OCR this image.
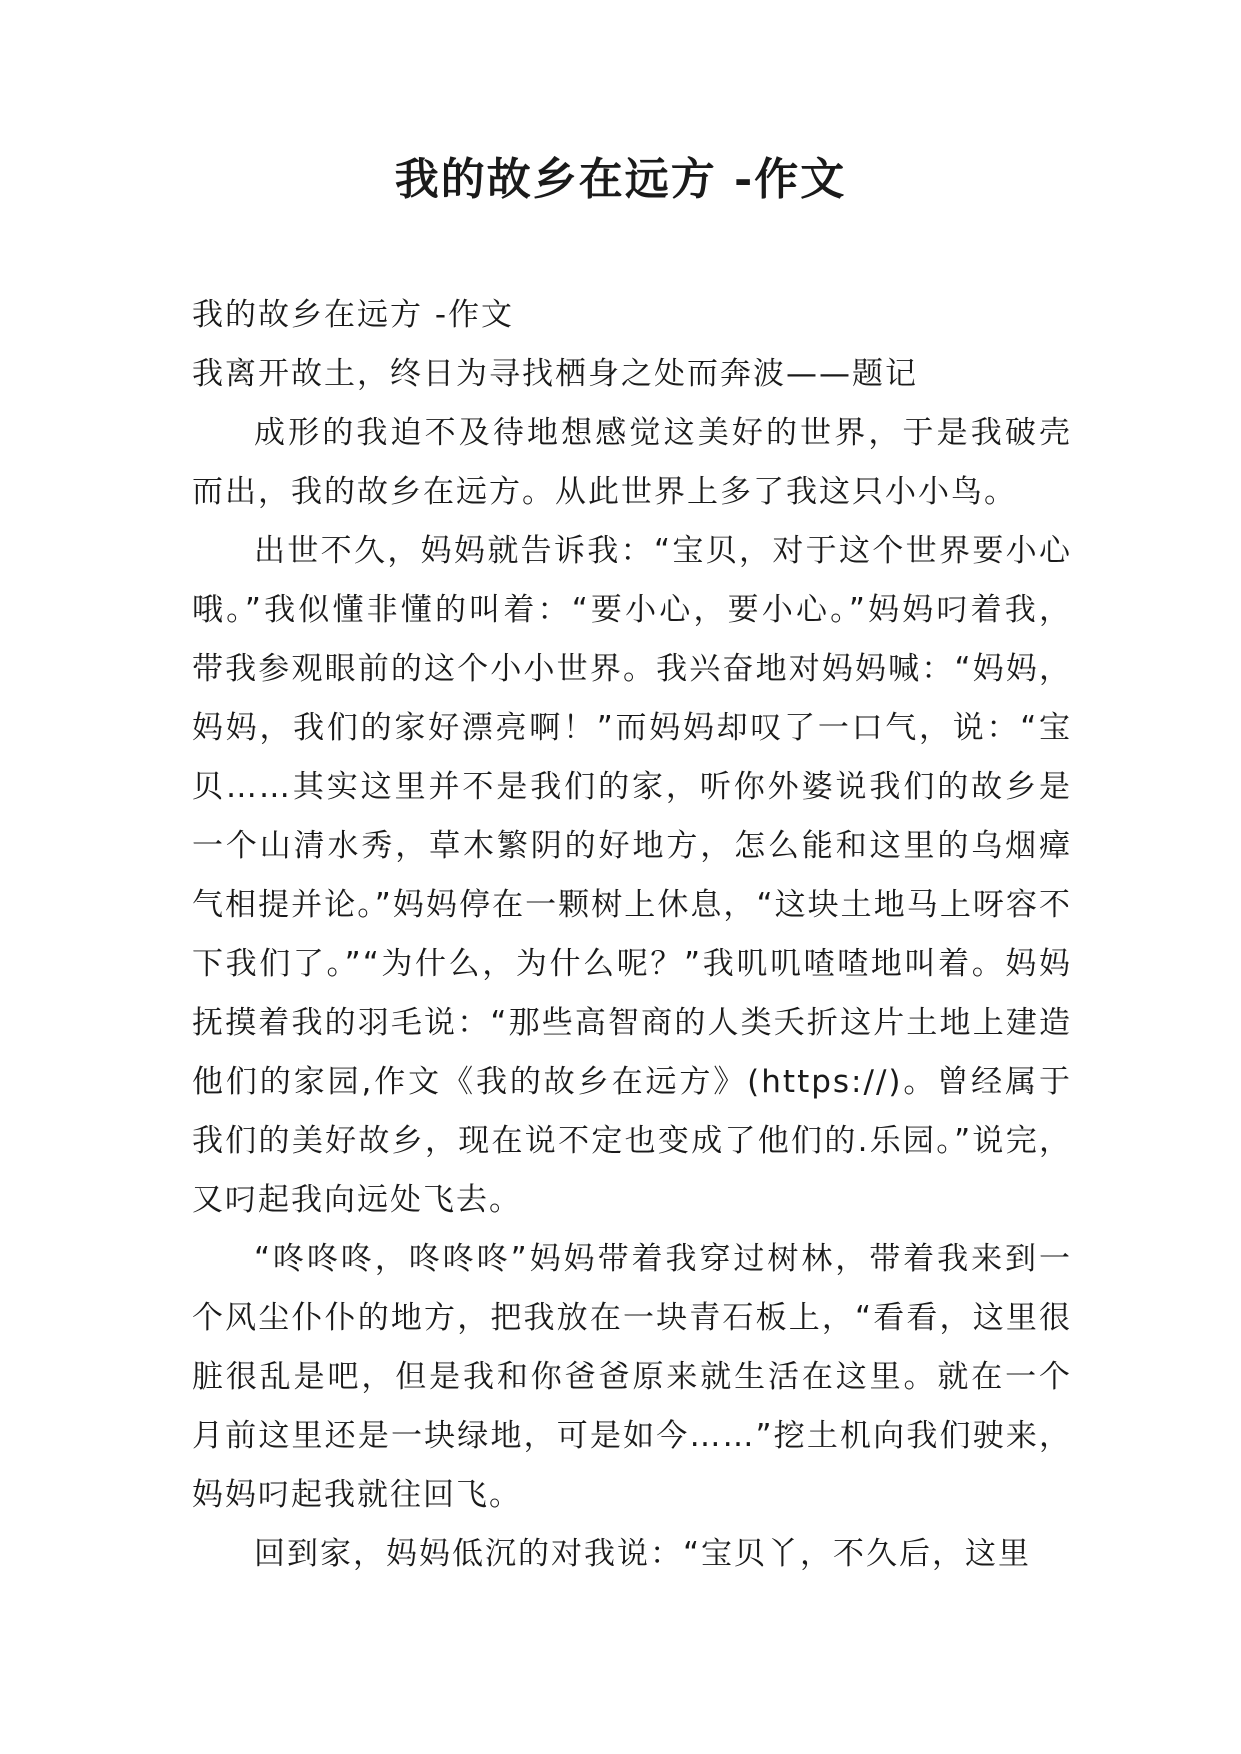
我的故乡在远方 -作文

我的故乡在远方 -作文

我离开故土，终日为寻找栖身之处而奔波——题记

成形的我迫不及待地想感觉这美好的世界，于是我破壳而出，我的故乡在远方。从此世界上多了我这只小小鸟。

出世不久，妈妈就告诉我：“宝贝，对于这个世界要小心哦。”我似懂非懂的叫着：“要小心，要小心。”妈妈叼着我，带我参观眼前的这个小小世界。我兴奋地对妈妈喊：“妈妈，妈妈，我们的家好漂亮啊！”而妈妈却叹了一口气，说：“宝贝……其实这里并不是我们的家，听你外婆说我们的故乡是一个山清水秀，草木繁阴的好地方，怎么能和这里的乌烟瘴气相提并论。”妈妈停在一颗树上休息，“这块土地马上呀容不下我们了。”“为什么，为什么呢？”我叽叽喳喳地叫着。妈妈抚摸着我的羽毛说：“那些高智商的人类夭折这片土地上建造他们的家园,作文《我的故乡在远方》(https://)。曾经属于我们的美好故乡，现在说不定也变成了他们的.乐园。”说完，又叼起我向远处飞去。

“咚咚咚，咚咚咚”妈妈带着我穿过树林，带着我来到一个风尘仆仆的地方，把我放在一块青石板上，“看看，这里很脏很乱是吧，但是我和你爸爸原来就生活在这里。就在一个月前这里还是一块绿地，可是如今……”挖土机向我们驶来，妈妈叼起我就往回飞。

回到家，妈妈低沉的对我说：“宝贝丫，不久后，这里
